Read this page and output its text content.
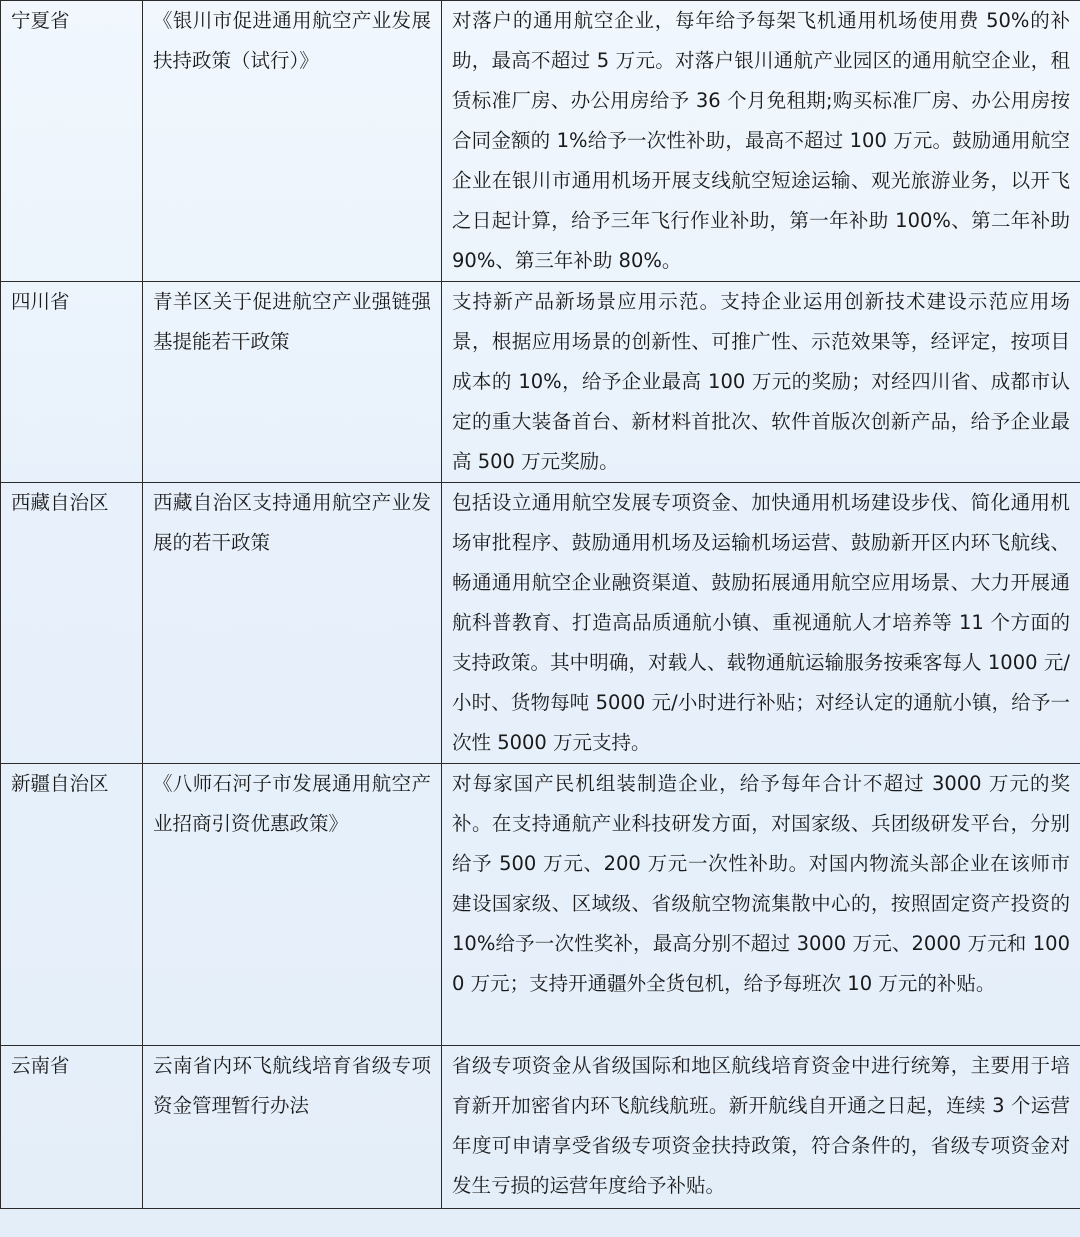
宁夏省	《银川市促进通用航空产业发展扶持政策（试行）》	对落户的通用航空企业，每年给予每架飞机通用机场使用费 50%的补助，最高不超过 5 万元。对落户银川通航产业园区的通用航空企业，租赁标准厂房、办公用房给予 36 个月免租期;购买标准厂房、办公用房按合同金额的 1%给予一次性补助，最高不超过 100 万元。鼓励通用航空企业在银川市通用机场开展支线航空短途运输、观光旅游业务，以开飞之日起计算，给予三年飞行作业补助，第一年补助 100%、第二年补助 90%、第三年补助 80%。
四川省	青羊区关于促进航空产业强链强基提能若干政策	支持新产品新场景应用示范。支持企业运用创新技术建设示范应用场景，根据应用场景的创新性、可推广性、示范效果等，经评定，按项目成本的 10%，给予企业最高 100 万元的奖励；对经四川省、成都市认定的重大装备首台、新材料首批次、软件首版次创新产品，给予企业最高 500 万元奖励。
西藏自治区	西藏自治区支持通用航空产业发展的若干政策	包括设立通用航空发展专项资金、加快通用机场建设步伐、简化通用机场审批程序、鼓励通用机场及运输机场运营、鼓励新开区内环飞航线、畅通通用航空企业融资渠道、鼓励拓展通用航空应用场景、大力开展通航科普教育、打造高品质通航小镇、重视通航人才培养等 11 个方面的支持政策。其中明确，对载人、载物通航运输服务按乘客每人 1000 元/小时、货物每吨 5000 元/小时进行补贴；对经认定的通航小镇，给予一次性 5000 万元支持。
新疆自治区	《八师石河子市发展通用航空产业招商引资优惠政策》	对每家国产民机组装制造企业，给予每年合计不超过 3000 万元的奖补。在支持通航产业科技研发方面，对国家级、兵团级研发平台，分别给予 500 万元、200 万元一次性补助。对国内物流头部企业在该师市建设国家级、区域级、省级航空物流集散中心的，按照固定资产投资的 10%给予一次性奖补，最高分别不超过 3000 万元、2000 万元和 1000 万元；支持开通疆外全货包机，给予每班次 10 万元的补贴。
云南省	云南省内环飞航线培育省级专项资金管理暂行办法	省级专项资金从省级国际和地区航线培育资金中进行统筹，主要用于培育新开加密省内环飞航线航班。新开航线自开通之日起，连续 3 个运营年度可申请享受省级专项资金扶持政策，符合条件的，省级专项资金对发生亏损的运营年度给予补贴。
